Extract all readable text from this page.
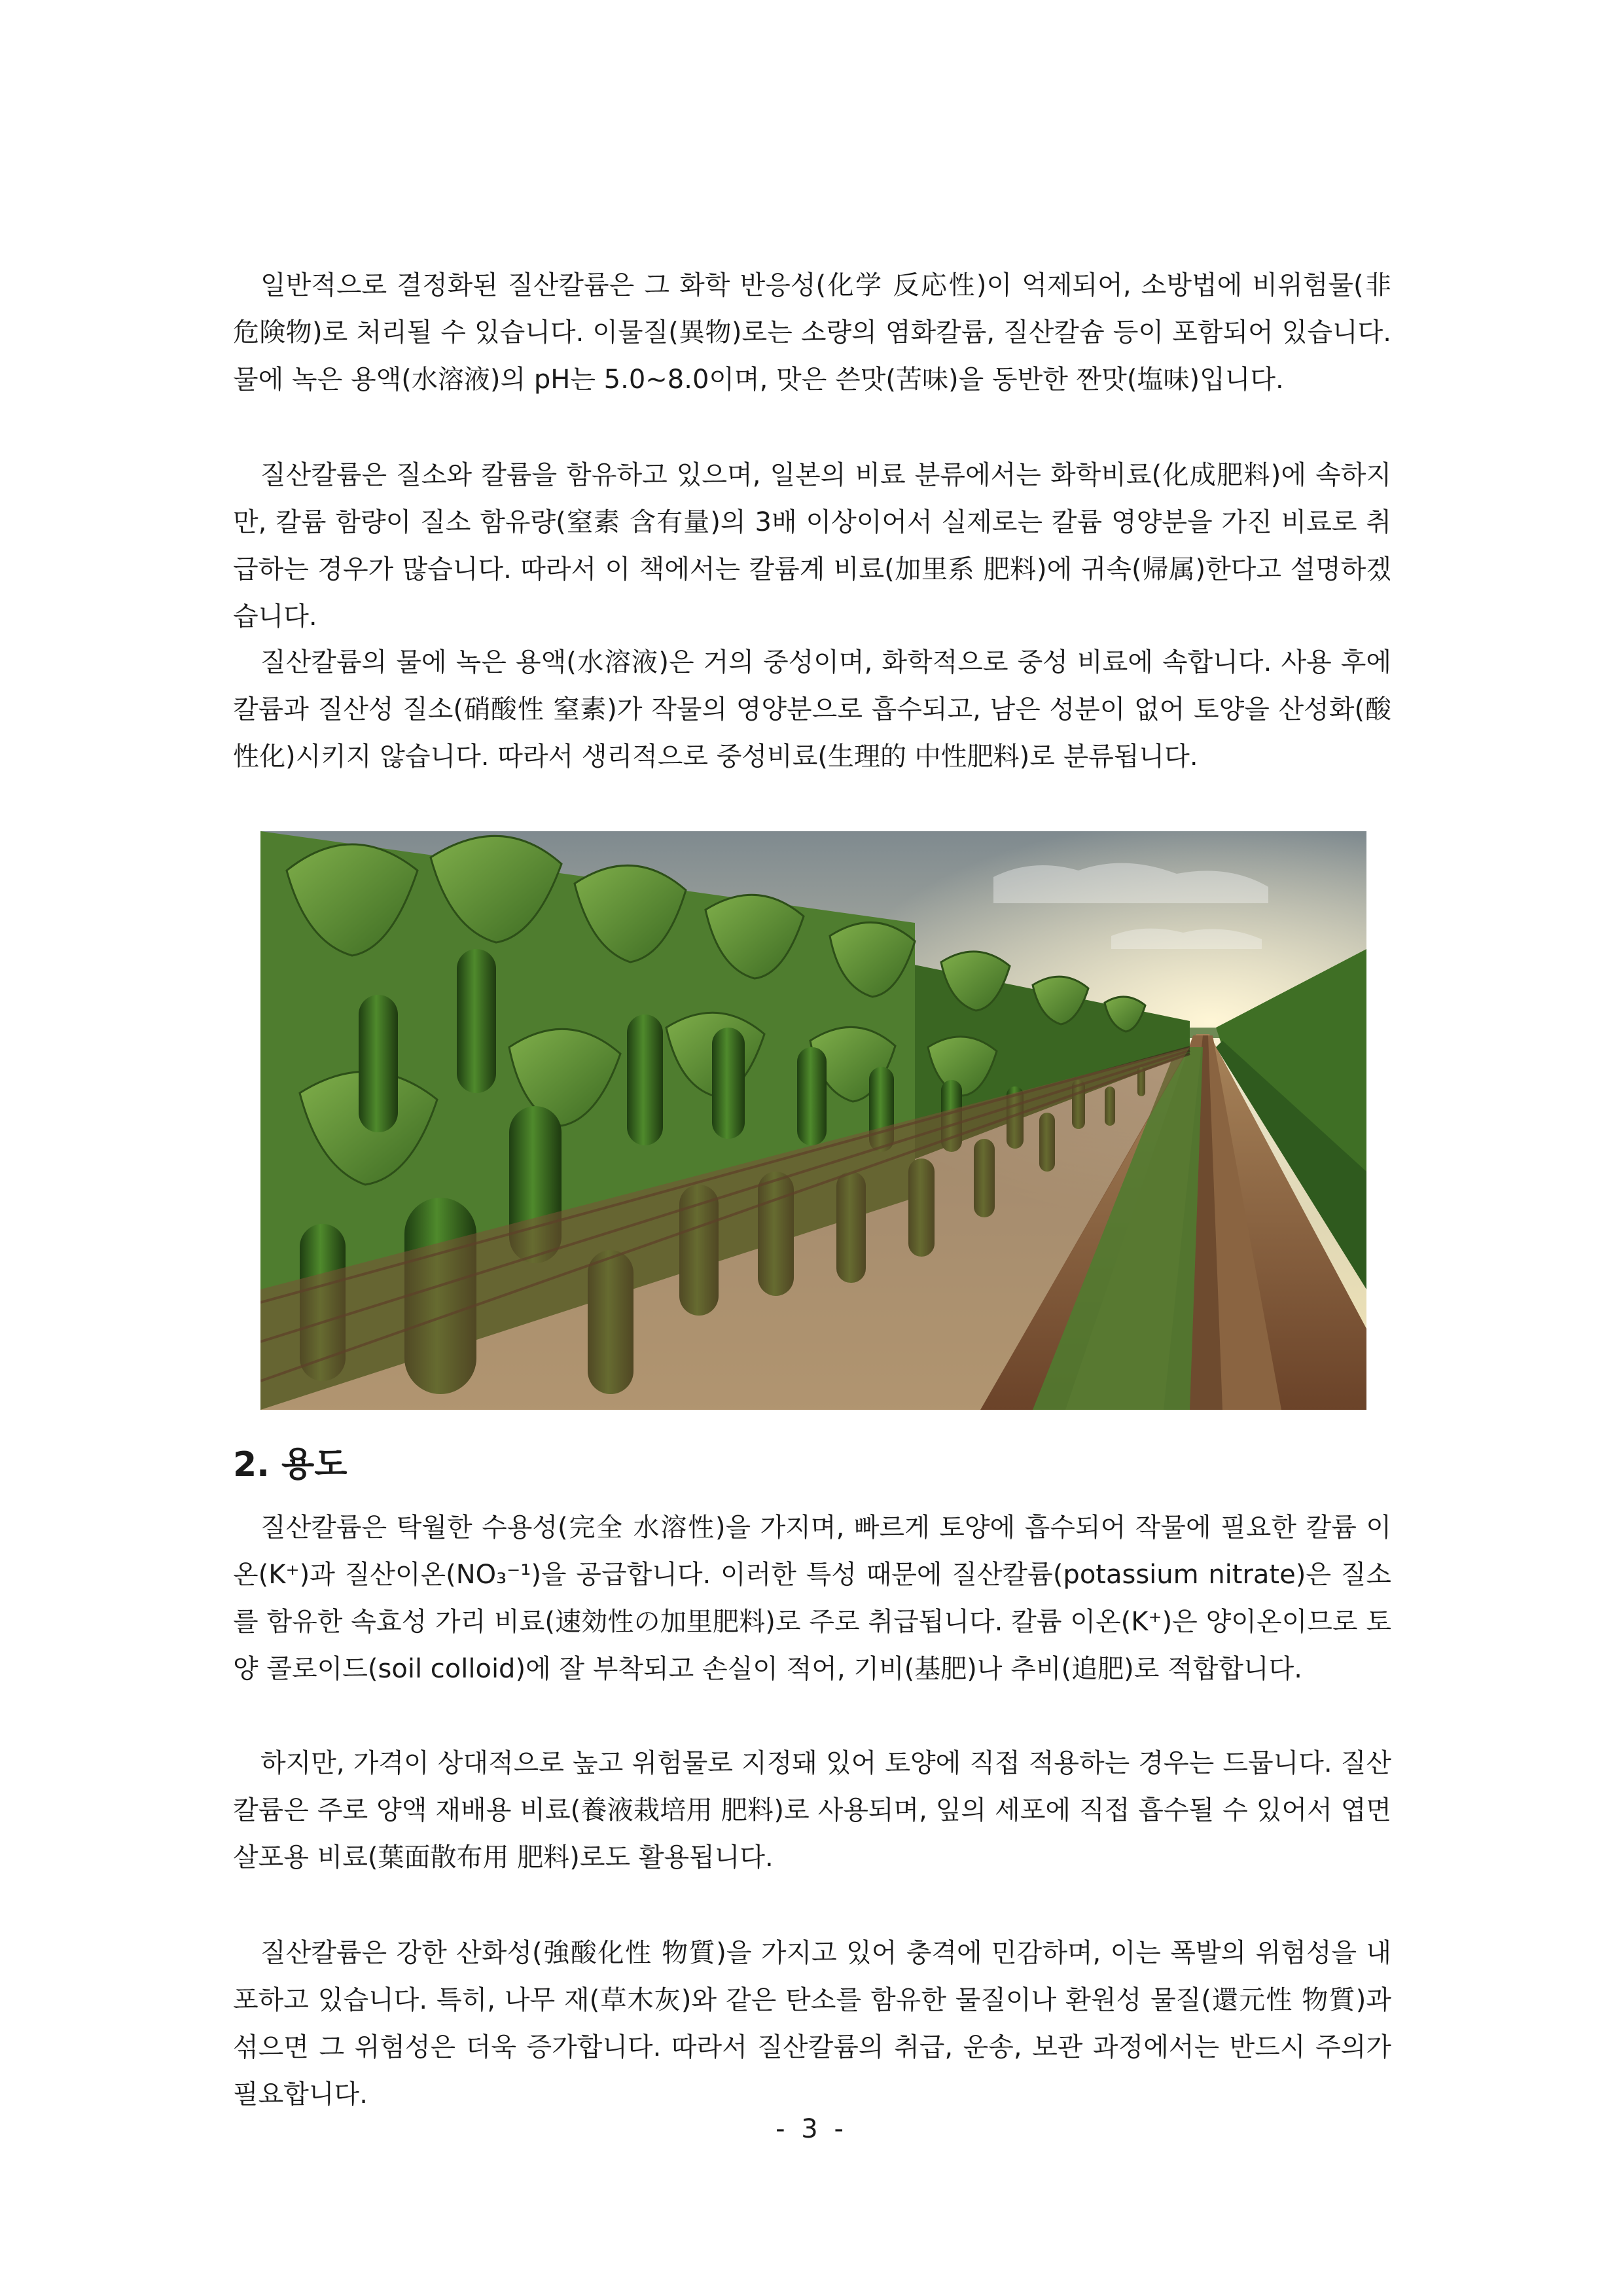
일반적으로 결정화된 질산칼륨은 그 화학 반응성(化学 反応性)이 억제되어, 소방법에 비위험물(非 危険物)로 처리될 수 있습니다. 이물질(異物)로는 소량의 염화칼륨, 질산칼슘 등이 포함되어 있습니다. 물에 녹은 용액(水溶液)의 pH는 5.0~8.0이며, 맛은 쓴맛(苦味)을 동반한 짠맛(塩味)입니다.

질산칼륨은 질소와 칼륨을 함유하고 있으며, 일본의 비료 분류에서는 화학비료(化成肥料)에 속하지만, 칼륨 함량이 질소 함유량(窒素 含有量)의 3배 이상이어서 실제로는 칼륨 영양분을 가진 비료로 취급하는 경우가 많습니다. 따라서 이 책에서는 칼륨계 비료(加里系 肥料)에 귀속(帰属)한다고 설명하겠습니다.

질산칼륨의 물에 녹은 용액(水溶液)은 거의 중성이며, 화학적으로 중성 비료에 속합니다. 사용 후에 칼륨과 질산성 질소(硝酸性 窒素)가 작물의 영양분으로 흡수되고, 남은 성분이 없어 토양을 산성화(酸性化)시키지 않습니다. 따라서 생리적으로 중성비료(生理的 中性肥料)로 분류됩니다.

2. 용도

질산칼륨은 탁월한 수용성(完全 水溶性)을 가지며, 빠르게 토양에 흡수되어 작물에 필요한 칼륨 이온(K⁺)과 질산이온(NO₃⁻¹)을 공급합니다. 이러한 특성 때문에 질산칼륨(potassium nitrate)은 질소를 함유한 속효성 가리 비료(速効性の加里肥料)로 주로 취급됩니다. 칼륨 이온(K⁺)은 양이온이므로 토양 콜로이드(soil colloid)에 잘 부착되고 손실이 적어, 기비(基肥)나 추비(追肥)로 적합합니다.

하지만, 가격이 상대적으로 높고 위험물로 지정돼 있어 토양에 직접 적용하는 경우는 드뭅니다. 질산칼륨은 주로 양액 재배용 비료(養液栽培用 肥料)로 사용되며, 잎의 세포에 직접 흡수될 수 있어서 엽면 살포용 비료(葉面散布用 肥料)로도 활용됩니다.

질산칼륨은 강한 산화성(強酸化性 物質)을 가지고 있어 충격에 민감하며, 이는 폭발의 위험성을 내포하고 있습니다. 특히, 나무 재(草木灰)와 같은 탄소를 함유한 물질이나 환원성 물질(還元性 物質)과 섞으면 그 위험성은 더욱 증가합니다. 따라서 질산칼륨의 취급, 운송, 보관 과정에서는 반드시 주의가 필요합니다.

- 3 -
